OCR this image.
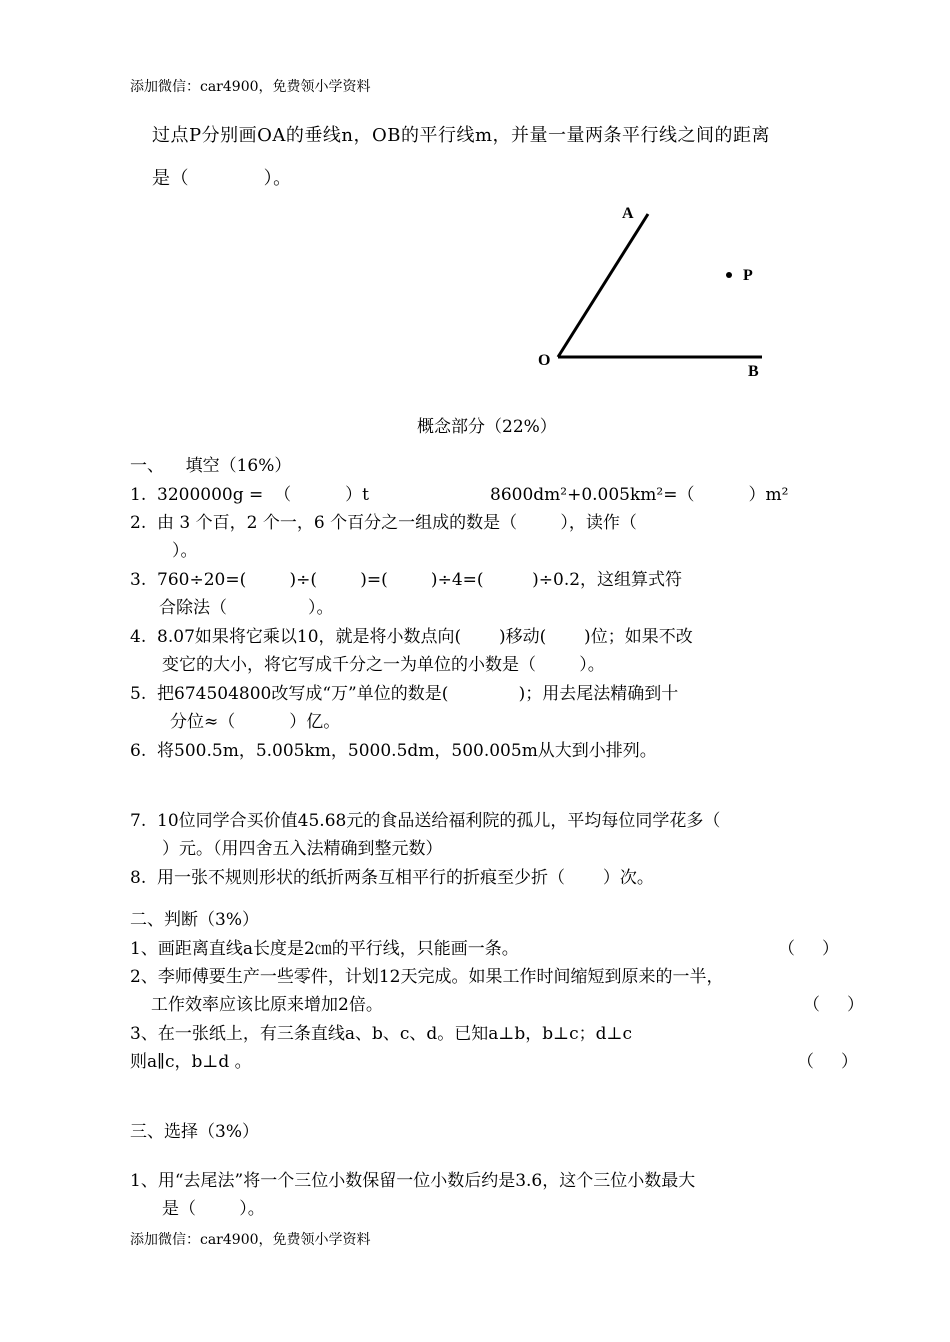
添加微信：car4900，免费领小学资料
过点P分别画OA的垂线n，OB的平行线m，并量一量两条平行线之间的距离
是（            ）。
A
P
O
B
概念部分（22%）
一、    填空（16%）
1.  3200000g =  （          ）t	8600dm²+0.005km²=（          ）m²
2.  由 3 个百，2 个一，6 个百分之一组成的数是（        ），读作（
）。
3.  760÷20=(        )÷(        )=(        )÷4=(         )÷0.2，这组算式符
合除法（               ）。
4.  8.07如果将它乘以10，就是将小数点向(       )移动(       )位；如果不改
变它的大小，将它写成千分之一为单位的小数是（        ）。
5.  把674504800改写成“万”单位的数是(             )；用去尾法精确到十
分位≈（          ）亿。
6.  将500.5m，5.005km，5000.5dm，500.005m从大到小排列。
7.  10位同学合买价值45.68元的食品送给福利院的孤儿，平均每位同学花多（
）元。（用四舍五入法精确到整元数）
8.  用一张不规则形状的纸折两条互相平行的折痕至少折（       ）次。
二、判断（3%）
1、画距离直线a长度是2㎝的平行线，只能画一条。	（     ）
2、李师傅要生产一些零件，计划12天完成。如果工作时间缩短到原来的一半，
工作效率应该比原来增加2倍。	（     ）
3、在一张纸上，有三条直线a、b、c、d。已知a⊥b，b⊥c；d⊥c
则a∥c，b⊥d 。	（     ）
三、选择（3%）
1、用“去尾法”将一个三位小数保留一位小数后约是3.6，这个三位小数最大
是（        ）。
添加微信：car4900，免费领小学资料
